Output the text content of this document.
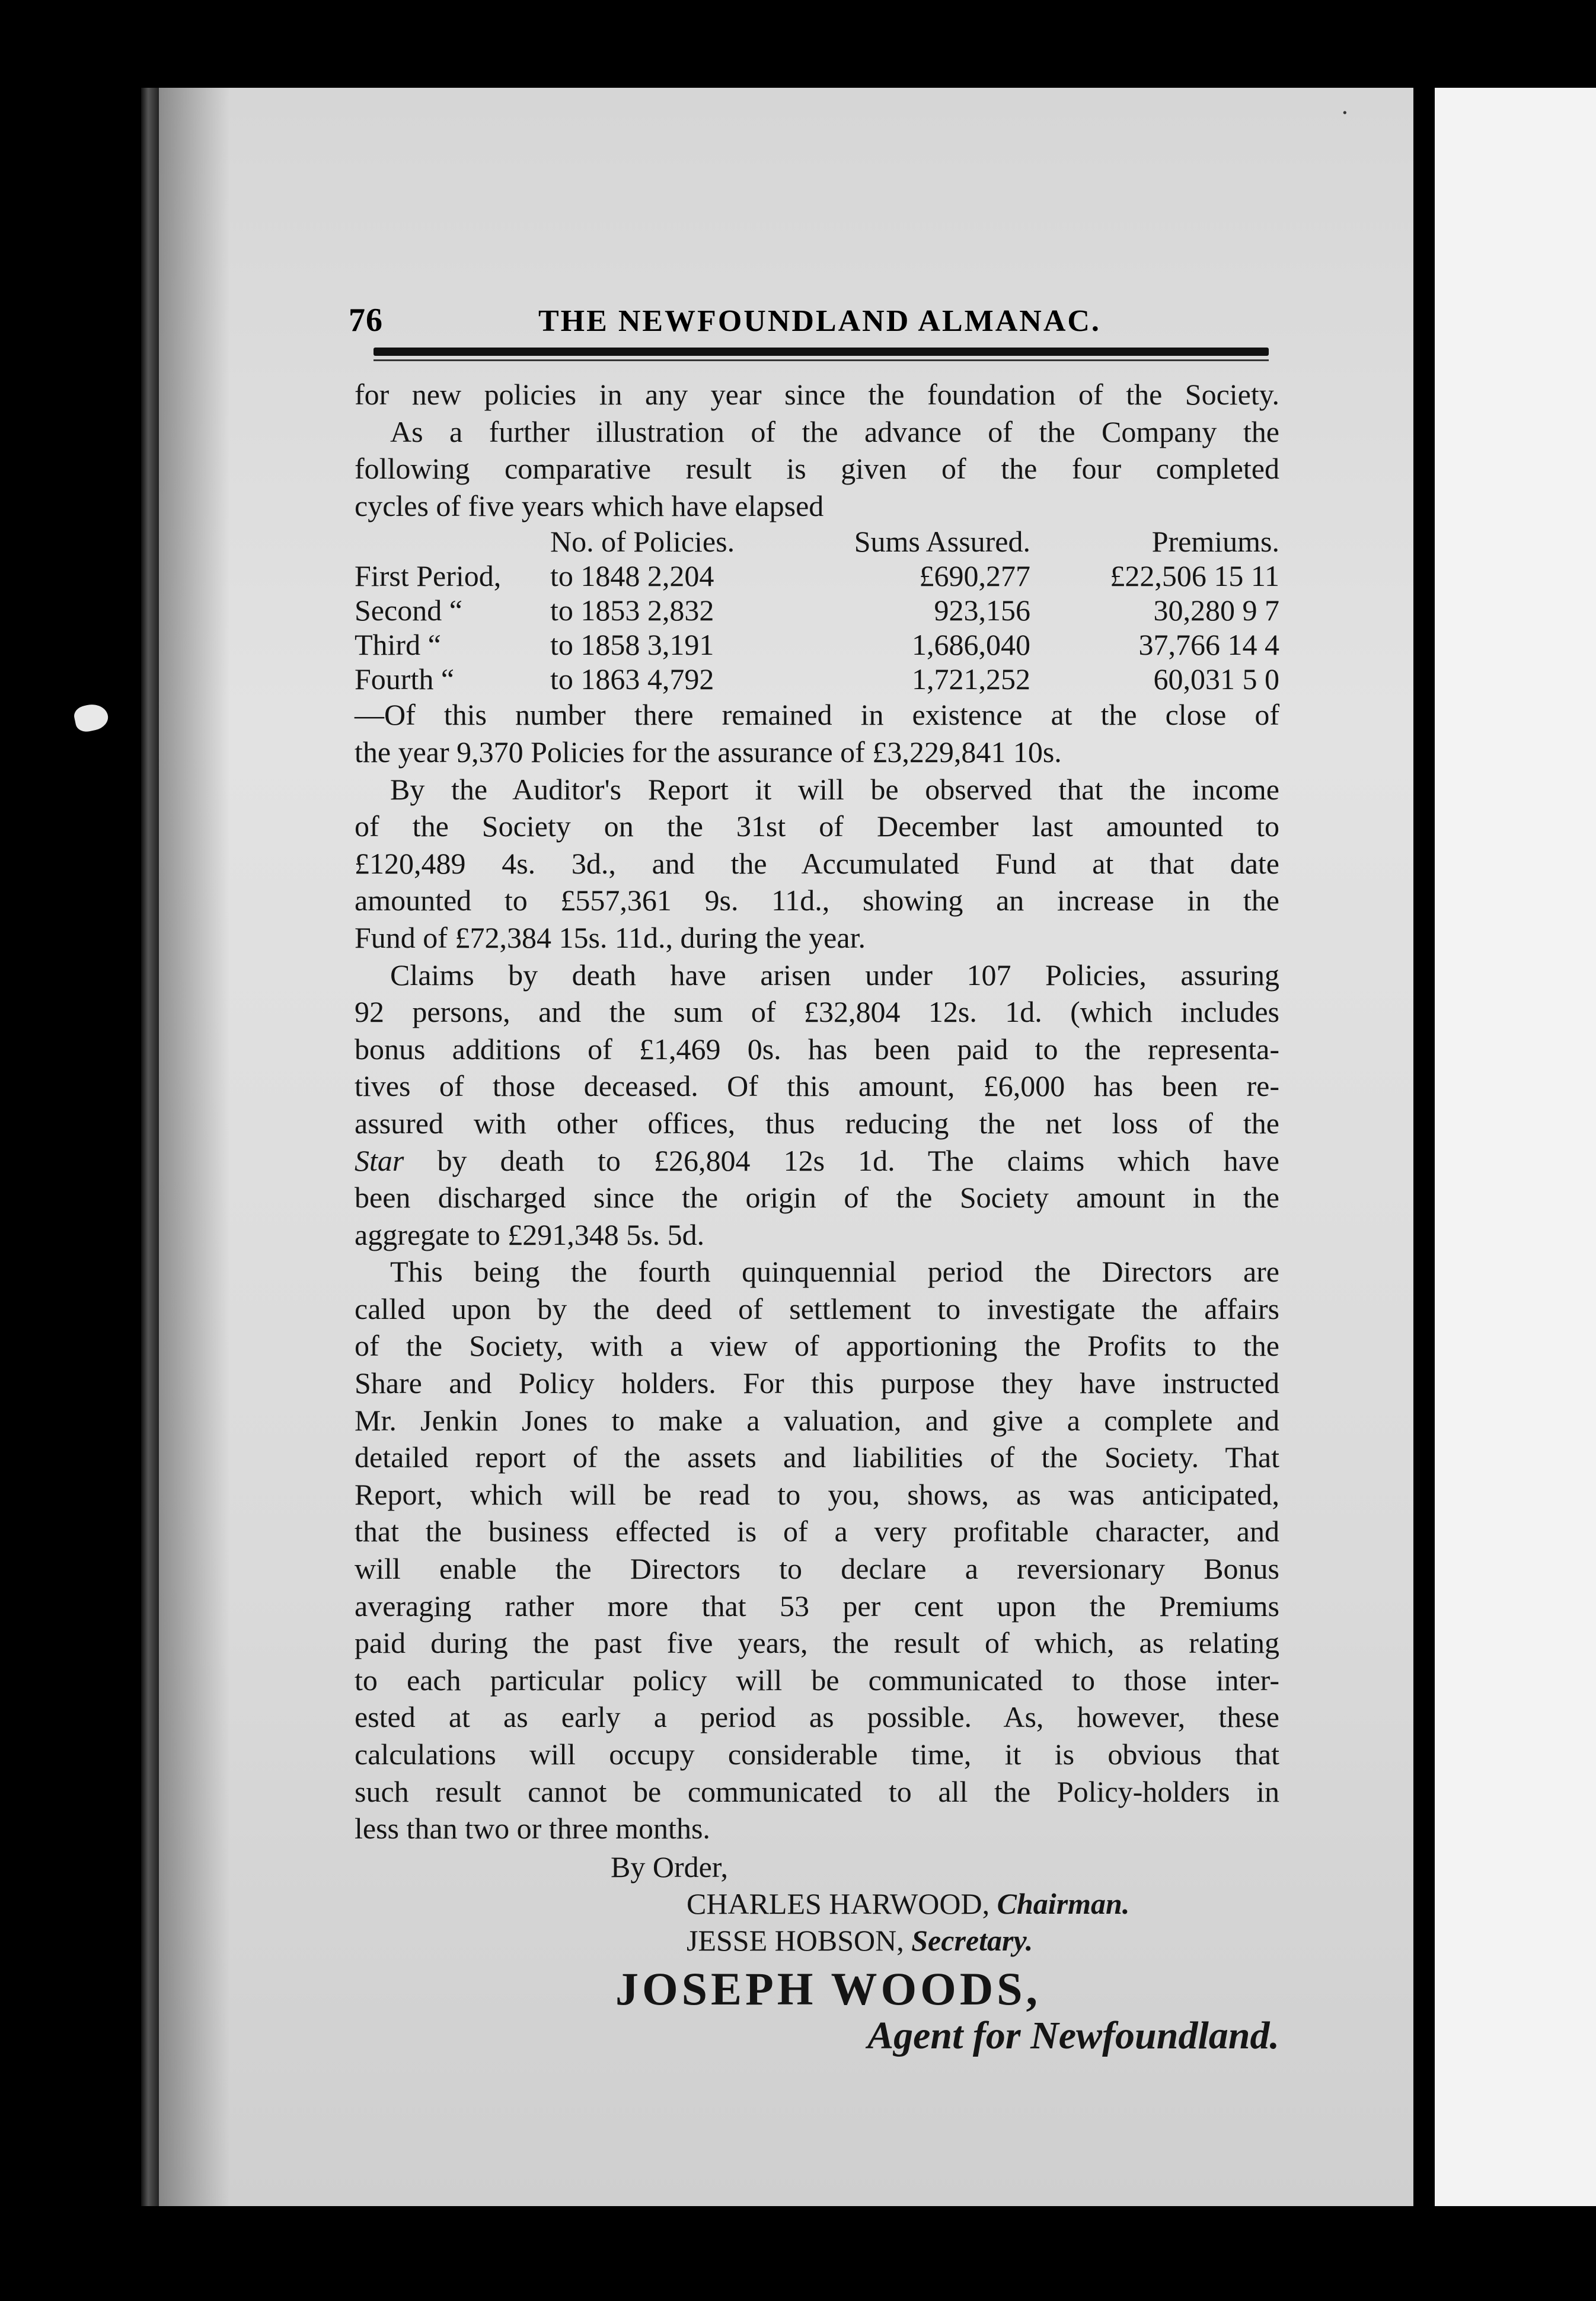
76	THE NEWFOUNDLAND ALMANAC.

for new policies in any year since the foundation of the Society.

As a further illustration of the advance of the Company the

following comparative result is given of the four completed

cycles of five years which have elapsed

	No. of Policies.	Sums Assured.	Premiums.
First Period,	to 1848 2,204	£690,277	£22,506 15 11
Second “	to 1853 2,832	923,156	30,280 9 7
Third “	to 1858 3,191	1,686,040	37,766 14 4
Fourth “	to 1863 4,792	1,721,252	60,031 5 0

—Of this number there remained in existence at the close of

the year 9,370 Policies for the assurance of £3,229,841 10s.

By the Auditor's Report it will be observed that the income

of the Society on the 31st of December last amounted to

£120,489 4s. 3d., and the Accumulated Fund at that date

amounted to £557,361 9s. 11d., showing an increase in the

Fund of £72,384 15s. 11d., during the year.

Claims by death have arisen under 107 Policies, assuring

92 persons, and the sum of £32,804 12s. 1d. (which includes

bonus additions of £1,469 0s. has been paid to the representa-

tives of those deceased. Of this amount, £6,000 has been re-

assured with other offices, thus reducing the net loss of the

Star by death to £26,804 12s 1d. The claims which have

been discharged since the origin of the Society amount in the

aggregate to £291,348 5s. 5d.

This being the fourth quinquennial period the Directors are

called upon by the deed of settlement to investigate the affairs

of the Society, with a view of apportioning the Profits to the

Share and Policy holders. For this purpose they have instructed

Mr. Jenkin Jones to make a valuation, and give a complete and

detailed report of the assets and liabilities of the Society. That

Report, which will be read to you, shows, as was anticipated,

that the business effected is of a very profitable character, and

will enable the Directors to declare a reversionary Bonus

averaging rather more that 53 per cent upon the Premiums

paid during the past five years, the result of which, as relating

to each particular policy will be communicated to those inter-

ested at as early a period as possible. As, however, these

calculations will occupy considerable time, it is obvious that

such result cannot be communicated to all the Policy-holders in

less than two or three months.

By Order,
CHARLES HARWOOD, Chairman.
JESSE HOBSON, Secretary.
JOSEPH WOODS,
Agent for Newfoundland.
·
